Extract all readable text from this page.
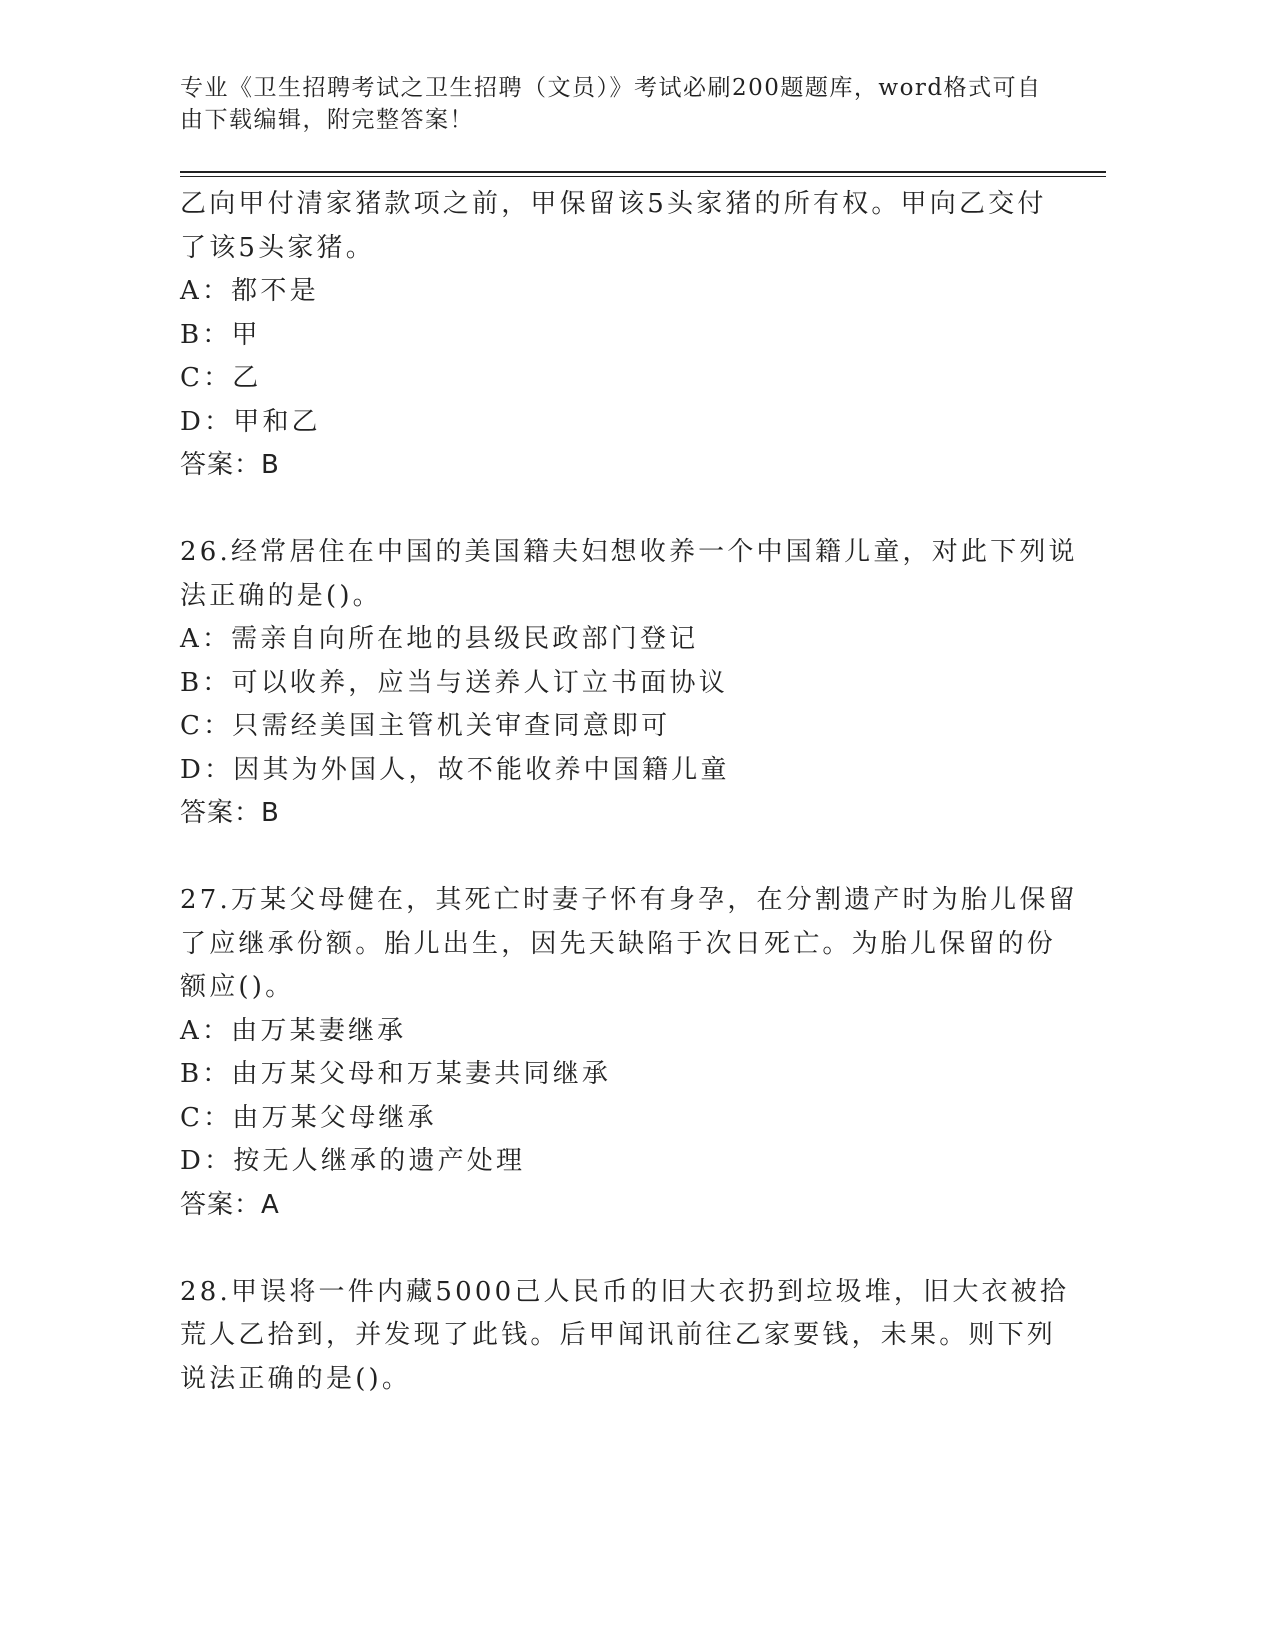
专业《卫生招聘考试之卫生招聘（文员）》考试必刷200题题库，word格式可自
由下载编辑，附完整答案！
乙向甲付清家猪款项之前，甲保留该5头家猪的所有权。甲向乙交付
了该5头家猪。
A：都不是
B：甲
C：乙
D：甲和乙
答案：B
26.经常居住在中国的美国籍夫妇想收养一个中国籍儿童，对此下列说
法正确的是()。
A：需亲自向所在地的县级民政部门登记
B：可以收养，应当与送养人订立书面协议
C：只需经美国主管机关审查同意即可
D：因其为外国人，故不能收养中国籍儿童
答案：B
27.万某父母健在，其死亡时妻子怀有身孕，在分割遗产时为胎儿保留
了应继承份额。胎儿出生，因先天缺陷于次日死亡。为胎儿保留的份
额应()。
A：由万某妻继承
B：由万某父母和万某妻共同继承
C：由万某父母继承
D：按无人继承的遗产处理
答案：A
28.甲误将一件内藏5000己人民币的旧大衣扔到垃圾堆，旧大衣被拾
荒人乙拾到，并发现了此钱。后甲闻讯前往乙家要钱，未果。则下列
说法正确的是()。
